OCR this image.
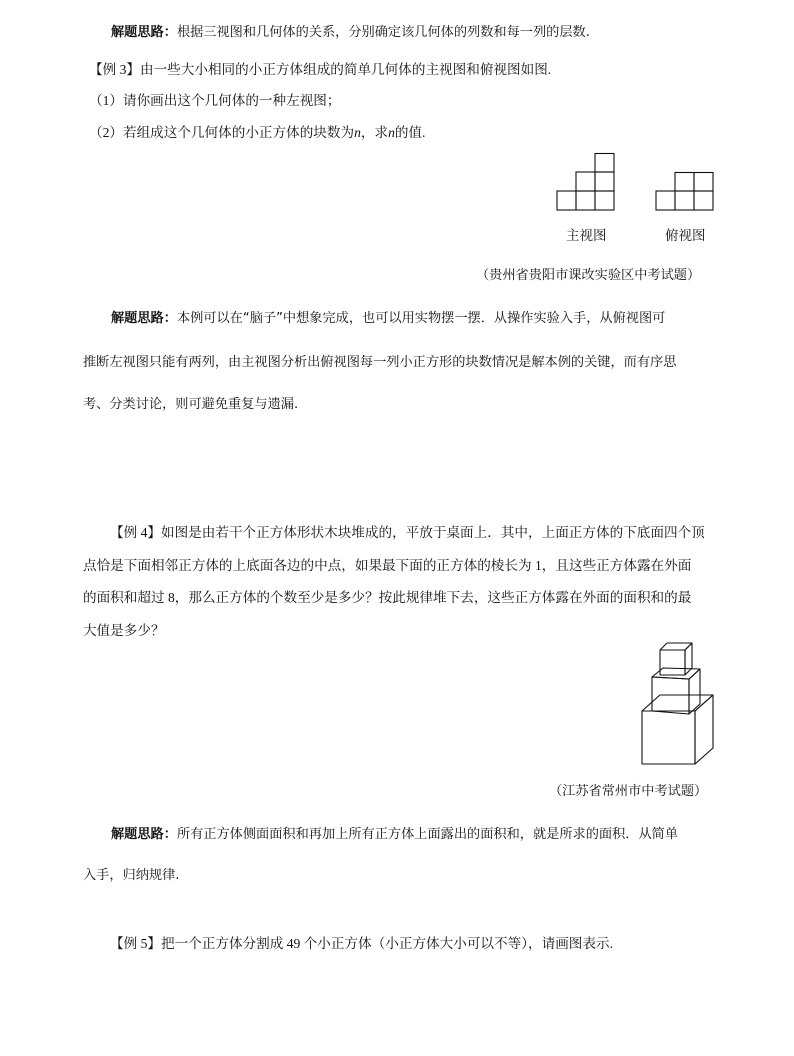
解题思路：根据三视图和几何体的关系，分别确定该几何体的列数和每一列的层数.
【例 3】由一些大小相同的小正方体组成的简单几何体的主视图和俯视图如图.
（1）请你画出这个几何体的一种左视图；
（2）若组成这个几何体的小正方体的块数为n，求n的值.
主视图	俯视图
（贵州省贵阳市课改实验区中考试题）
解题思路：本例可以在“脑子”中想象完成，也可以用实物摆一摆．从操作实验入手，从俯视图可
推断左视图只能有两列，由主视图分析出俯视图每一列小正方形的块数情况是解本例的关键，而有序思
考、分类讨论，则可避免重复与遗漏.
【例 4】如图是由若干个正方体形状木块堆成的，平放于桌面上．其中，上面正方体的下底面四个顶
点恰是下面相邻正方体的上底面各边的中点，如果最下面的正方体的棱长为 1，且这些正方体露在外面
的面积和超过 8，那么正方体的个数至少是多少？按此规律堆下去，这些正方体露在外面的面积和的最
大值是多少？
（江苏省常州市中考试题）
解题思路：所有正方体侧面面积和再加上所有正方体上面露出的面积和，就是所求的面积．从简单
入手，归纳规律.
【例 5】把一个正方体分割成 49 个小正方体（小正方体大小可以不等），请画图表示.
